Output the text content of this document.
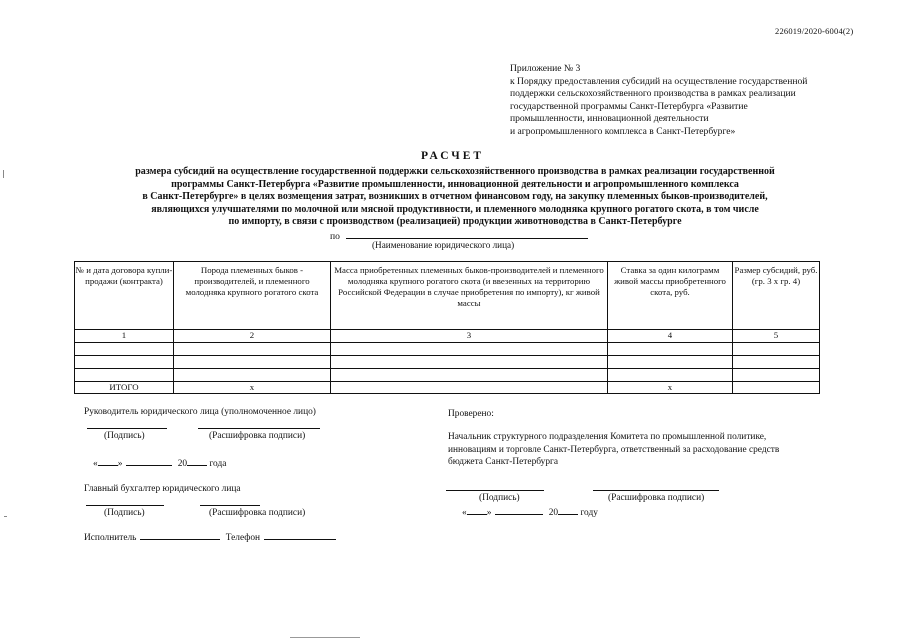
226019/2020-6004(2)
Приложение № 3
к Порядку предоставления субсидий на осуществление государственной
поддержки сельскохозяйственного производства в рамках реализации
государственной программы Санкт-Петербурга «Развитие
промышленности, инновационной деятельности
и агропромышленного комплекса в Санкт-Петербурге»
РАСЧЕТ
размера субсидий на осуществление государственной поддержки сельскохозяйственного производства в рамках реализации государственной
программы Санкт-Петербурга «Развитие промышленности, инновационной деятельности и агропромышленного комплекса
в Санкт-Петербурге» в целях возмещения затрат, возникших в отчетном финансовом году, на закупку племенных быков-производителей,
являющихся улучшателями по молочной или мясной продуктивности, и племенного молодняка крупного рогатого скота, в том числе
по импорту, в связи с производством (реализацией) продукции животноводства в Санкт-Петербурге
по
(Наименование юридического лица)
№ и дата договора купли-продажи (контракта)	Порода племенных быков - производителей, и племенного молодняка крупного рогатого скота	Масса приобретенных племенных быков-производителей и племенного молодняка крупного рогатого скота (и ввезенных на территорию Российской Федерации в случае приобретения по импорту), кг живой массы	Ставка за один килограмм живой массы приобретенного скота, руб.	Размер субсидий, руб. (гр. 3 х гр. 4)
1	2	3	4	5

ИТОГО	х		х	
Руководитель юридического лица (уполномоченное лицо)
(Подпись)	(Расшифровка подписи)
« »	20 года
Главный бухгалтер юридического лица
(Подпись)	(Расшифровка подписи)
Исполнитель	Телефон
Проверено:
Начальник структурного подразделения Комитета по промышленной политике,
инновациям и торговле Санкт-Петербурга, ответственный за расходование средств
бюджета Санкт-Петербурга
(Подпись)	(Расшифровка подписи)
« »	20 году
